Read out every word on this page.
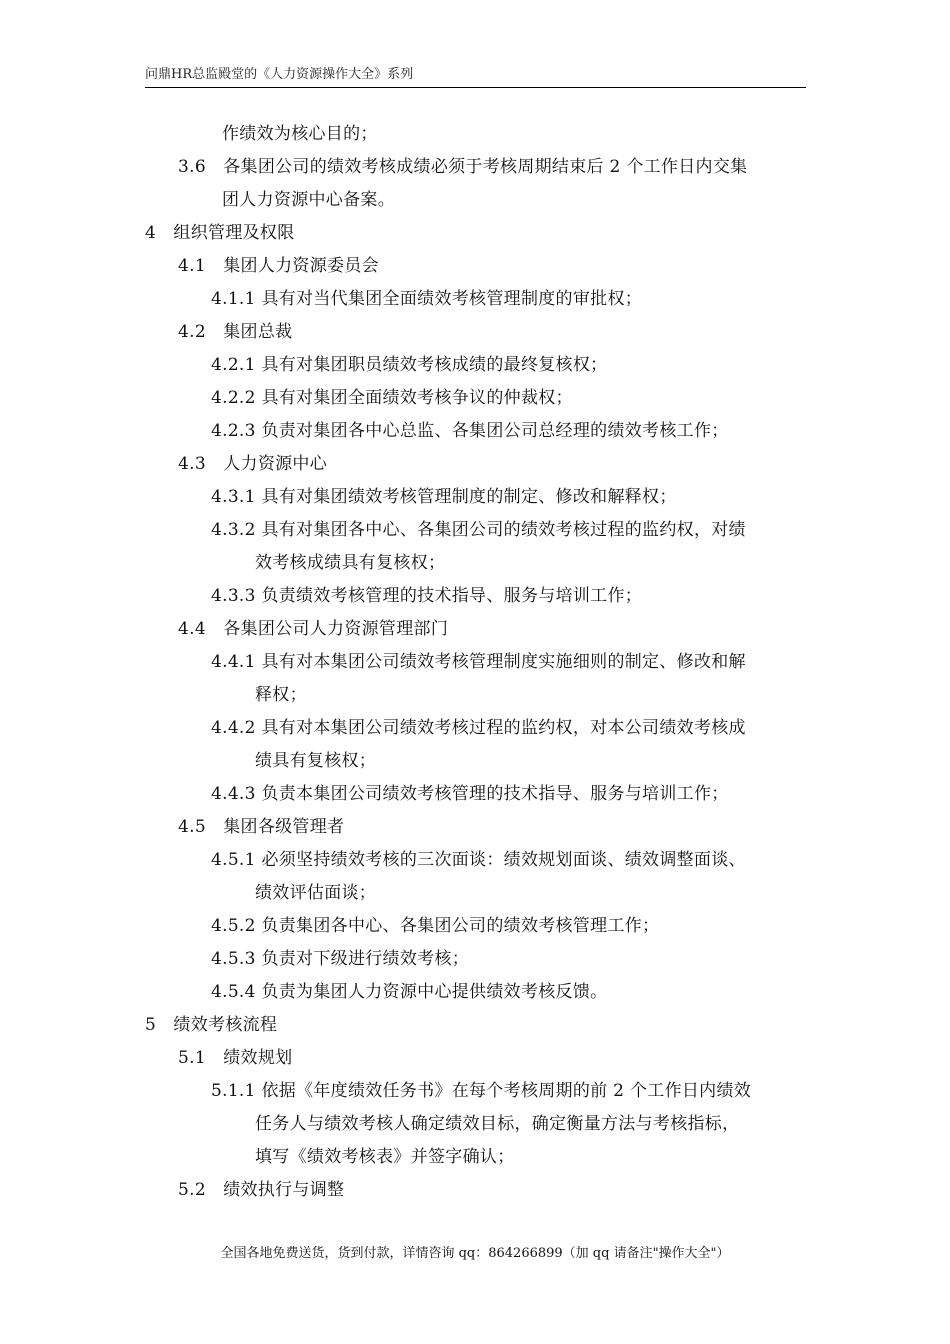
问鼎HR总监殿堂的《人力资源操作大全》系列
作绩效为核心目的；
3.6　各集团公司的绩效考核成绩必须于考核周期结束后 2 个工作日内交集
团人力资源中心备案。
4　组织管理及权限
4.1　集团人力资源委员会
4.1.1 具有对当代集团全面绩效考核管理制度的审批权；
4.2　集团总裁
4.2.1 具有对集团职员绩效考核成绩的最终复核权；
4.2.2 具有对集团全面绩效考核争议的仲裁权；
4.2.3 负责对集团各中心总监、各集团公司总经理的绩效考核工作；
4.3　人力资源中心
4.3.1 具有对集团绩效考核管理制度的制定、修改和解释权；
4.3.2 具有对集团各中心、各集团公司的绩效考核过程的监约权，对绩
效考核成绩具有复核权；
4.3.3 负责绩效考核管理的技术指导、服务与培训工作；
4.4　各集团公司人力资源管理部门
4.4.1 具有对本集团公司绩效考核管理制度实施细则的制定、修改和解
释权；
4.4.2 具有对本集团公司绩效考核过程的监约权，对本公司绩效考核成
绩具有复核权；
4.4.3 负责本集团公司绩效考核管理的技术指导、服务与培训工作；
4.5　集团各级管理者
4.5.1 必须坚持绩效考核的三次面谈：绩效规划面谈、绩效调整面谈、
绩效评估面谈；
4.5.2 负责集团各中心、各集团公司的绩效考核管理工作；
4.5.3 负责对下级进行绩效考核；
4.5.4 负责为集团人力资源中心提供绩效考核反馈。
5　绩效考核流程
5.1　绩效规划
5.1.1 依据《年度绩效任务书》在每个考核周期的前 2 个工作日内绩效
任务人与绩效考核人确定绩效目标，确定衡量方法与考核指标，
填写《绩效考核表》并签字确认；
5.2　绩效执行与调整
全国各地免费送货，货到付款，详情咨询 qq：864266899（加 qq 请备注"操作大全"）
